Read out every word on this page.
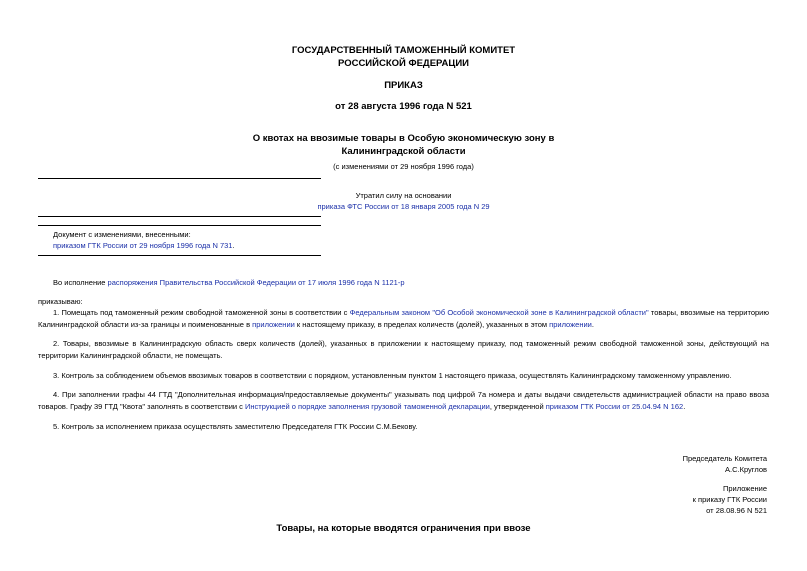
ГОСУДАРСТВЕННЫЙ ТАМОЖЕННЫЙ КОМИТЕТ
РОССИЙСКОЙ ФЕДЕРАЦИИ
ПРИКАЗ
от 28 августа 1996 года N 521
О квотах на ввозимые товары в Особую экономическую зону в
Калининградской области
(с изменениями от 29 ноября 1996 года)
Утратил силу на основании
приказа ФТС России от 18 января 2005 года N 29
Документ с изменениями, внесенными:
приказом ГТК России от 29 ноября 1996 года N 731.
Во исполнение распоряжения Правительства Российской Федерации от 17 июля 1996 года N 1121-р
приказываю:
1. Помещать под таможенный режим свободной таможенной зоны в соответствии с Федеральным законом "Об Особой экономической зоне в Калининградской области" товары, ввозимые на территорию Калининградской области из-за границы и поименованные в приложении к настоящему приказу, в пределах количеств (долей), указанных в этом приложении.
2. Товары, ввозимые в Калининградскую область сверх количеств (долей), указанных в приложении к настоящему приказу, под таможенный режим свободной таможенной зоны, действующий на территории Калининградской области, не помещать.
3. Контроль за соблюдением объемов ввозимых товаров в соответствии с порядком, установленным пунктом 1 настоящего приказа, осуществлять Калининградскому таможенному управлению.
4. При заполнении графы 44 ГТД "Дополнительная информация/предоставляемые документы" указывать под цифрой 7а номера и даты выдачи свидетельств администрацией области на право ввоза товаров. Графу 39 ГТД "Квота" заполнять в соответствии с Инструкцией о порядке заполнения грузовой таможенной декларации, утвержденной приказом ГТК России от 25.04.94 N 162.
5. Контроль за исполнением приказа осуществлять заместителю Председателя ГТК России С.М.Бекову.
Председатель Комитета
А.С.Круглов
Приложение
к приказу ГТК России
от 28.08.96 N 521
Товары, на которые вводятся ограничения при ввозе
